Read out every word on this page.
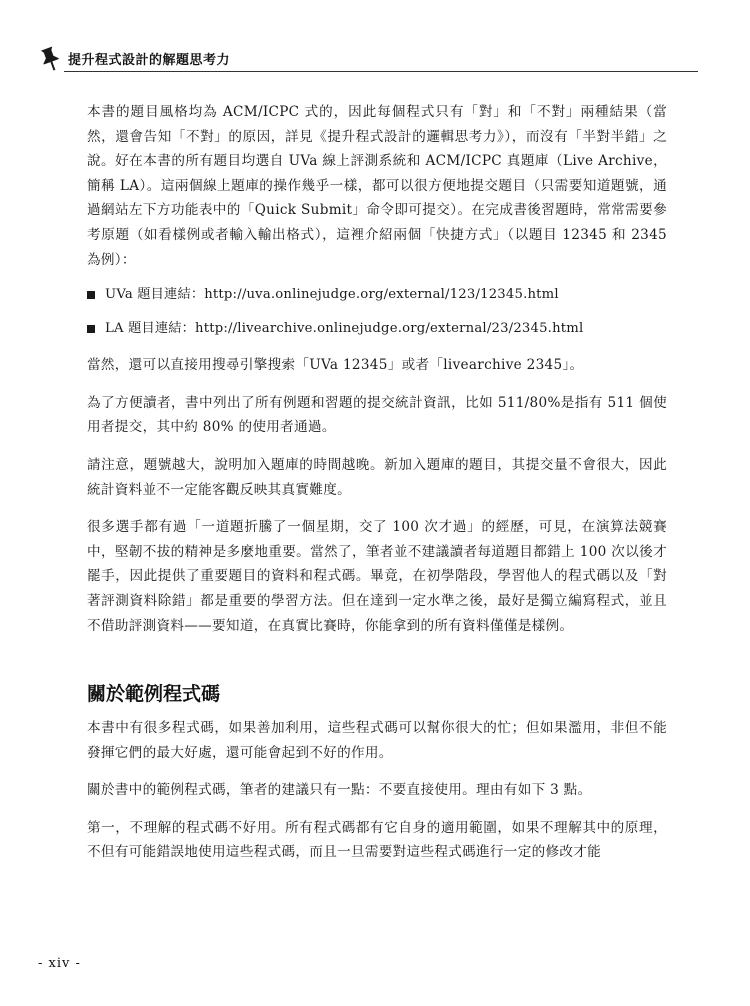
提升程式設計的解題思考力

本書的題目風格均為 ACM/ICPC 式的，因此每個程式只有「對」和「不對」兩種結果（當然，還會告知「不對」的原因，詳見《提升程式設計的邏輯思考力》），而沒有「半對半錯」之說。好在本書的所有題目均選自 UVa 線上評測系統和 ACM/ICPC 真題庫（Live Archive，簡稱 LA）。這兩個線上題庫的操作幾乎一樣，都可以很方便地提交題目（只需要知道題號，通過網站左下方功能表中的「Quick Submit」命令即可提交）。在完成書後習題時，常常需要參考原題（如看樣例或者輸入輸出格式），這裡介紹兩個「快捷方式」（以題目 12345 和 2345 為例）：

UVa 題目連結：http://uva.onlinejudge.org/external/123/12345.html
LA 題目連結：http://livearchive.onlinejudge.org/external/23/2345.html

當然，還可以直接用搜尋引擎搜索「UVa 12345」或者「livearchive 2345」。

為了方便讀者，書中列出了所有例題和習題的提交統計資訊，比如 511/80%是指有 511 個使用者提交，其中約 80% 的使用者通過。

請注意，題號越大，說明加入題庫的時間越晚。新加入題庫的題目，其提交量不會很大，因此統計資料並不一定能客觀反映其真實難度。

很多選手都有過「一道題折騰了一個星期，交了 100 次才過」的經歷，可見，在演算法競賽中，堅韌不拔的精神是多麼地重要。當然了，筆者並不建議讀者每道題目都錯上 100 次以後才罷手，因此提供了重要題目的資料和程式碼。畢竟，在初學階段，學習他人的程式碼以及「對著評測資料除錯」都是重要的學習方法。但在達到一定水準之後，最好是獨立編寫程式，並且不借助評測資料——要知道，在真實比賽時，你能拿到的所有資料僅僅是樣例。

關於範例程式碼

本書中有很多程式碼，如果善加利用，這些程式碼可以幫你很大的忙；但如果濫用，非但不能發揮它們的最大好處，還可能會起到不好的作用。

關於書中的範例程式碼，筆者的建議只有一點：不要直接使用。理由有如下 3 點。

第一，不理解的程式碼不好用。所有程式碼都有它自身的適用範圍，如果不理解其中的原理，不但有可能錯誤地使用這些程式碼，而且一旦需要對這些程式碼進行一定的修改才能

- xiv -
